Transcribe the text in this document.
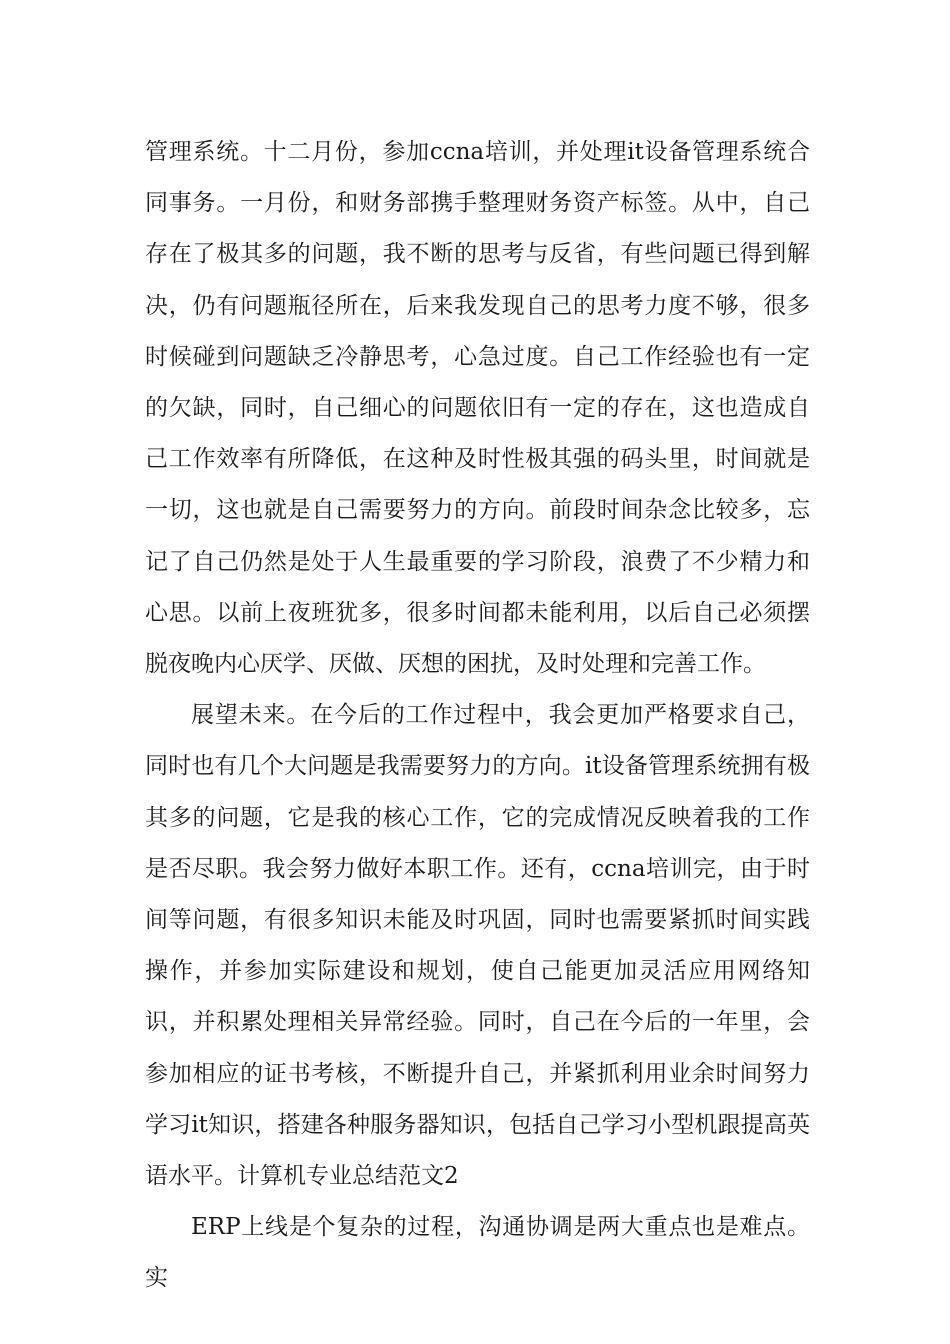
管理系统。十二月份，参加ccna培训，并处理it设备管理系统合同事务。一月份，和财务部携手整理财务资产标签。从中，自己存在了极其多的问题，我不断的思考与反省，有些问题已得到解决，仍有问题瓶径所在，后来我发现自己的思考力度不够，很多时候碰到问题缺乏冷静思考，心急过度。自己工作经验也有一定的欠缺，同时，自己细心的问题依旧有一定的存在，这也造成自己工作效率有所降低，在这种及时性极其强的码头里，时间就是一切，这也就是自己需要努力的方向。前段时间杂念比较多，忘记了自己仍然是处于人生最重要的学习阶段，浪费了不少精力和心思。以前上夜班犹多，很多时间都未能利用，以后自己必须摆脱夜晚内心厌学、厌做、厌想的困扰，及时处理和完善工作。

展望未来。在今后的工作过程中，我会更加严格要求自己，同时也有几个大问题是我需要努力的方向。it设备管理系统拥有极其多的问题，它是我的核心工作，它的完成情况反映着我的工作是否尽职。我会努力做好本职工作。还有，ccna培训完，由于时间等问题，有很多知识未能及时巩固，同时也需要紧抓时间实践操作，并参加实际建设和规划，使自己能更加灵活应用网络知识，并积累处理相关异常经验。同时，自己在今后的一年里，会参加相应的证书考核，不断提升自己，并紧抓利用业余时间努力学习it知识，搭建各种服务器知识，包括自己学习小型机跟提高英语水平。计算机专业总结范文2

ERP上线是个复杂的过程，沟通协调是两大重点也是难点。实
